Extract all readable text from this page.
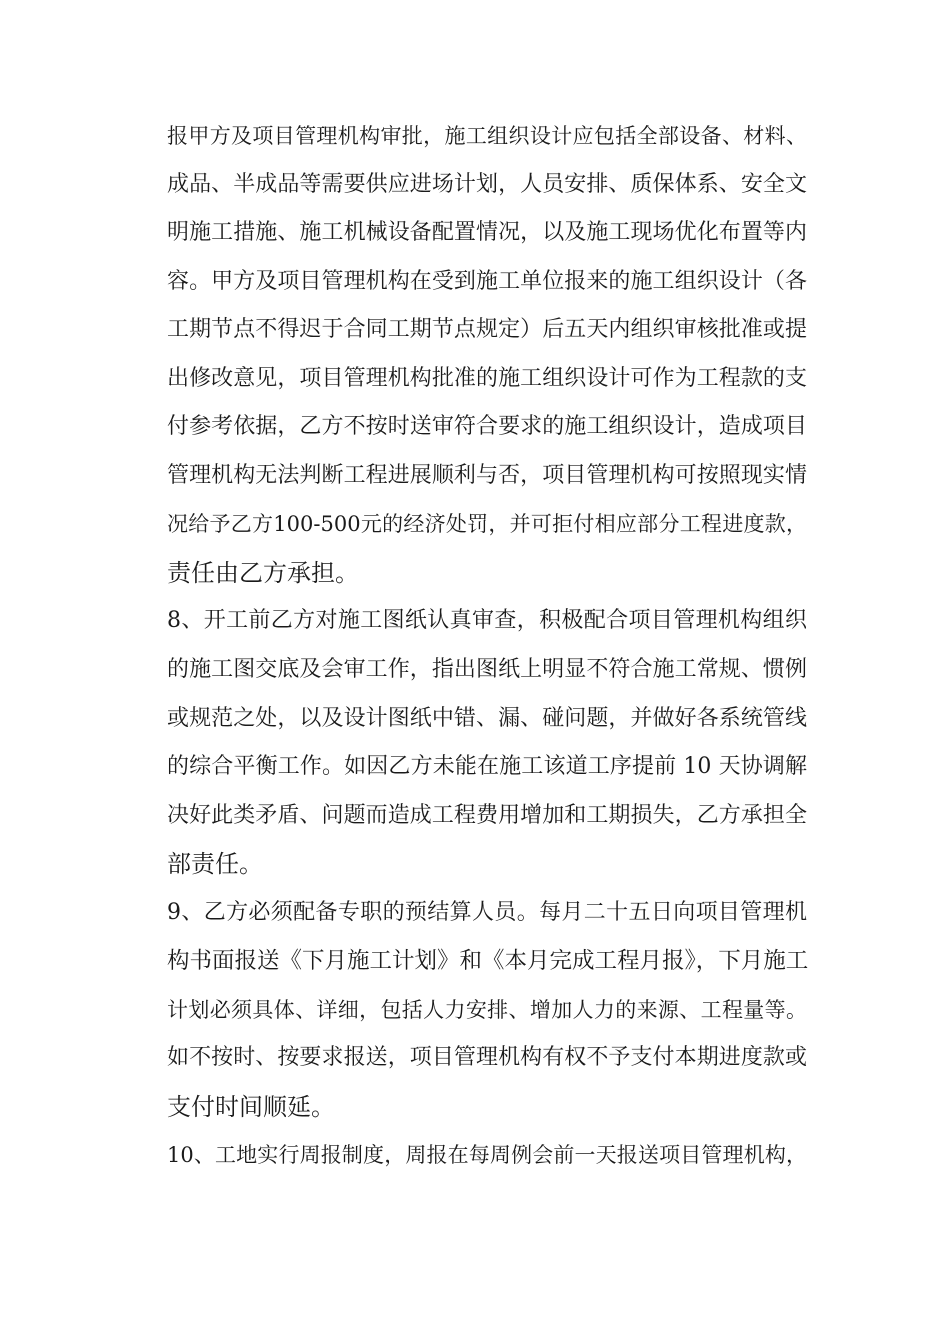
报甲方及项目管理机构审批，施工组织设计应包括全部设备、材料、
成品、半成品等需要供应进场计划，人员安排、质保体系、安全文
明施工措施、施工机械设备配置情况，以及施工现场优化布置等内
容。甲方及项目管理机构在受到施工单位报来的施工组织设计（各
工期节点不得迟于合同工期节点规定）后五天内组织审核批准或提
出修改意见，项目管理机构批准的施工组织设计可作为工程款的支
付参考依据，乙方不按时送审符合要求的施工组织设计，造成项目
管理机构无法判断工程进展顺利与否，项目管理机构可按照现实情
况给予乙方100-500元的经济处罚，并可拒付相应部分工程进度款，
责任由乙方承担。
8、开工前乙方对施工图纸认真审查，积极配合项目管理机构组织
的施工图交底及会审工作，指出图纸上明显不符合施工常规、惯例
或规范之处，以及设计图纸中错、漏、碰问题，并做好各系统管线
的综合平衡工作。如因乙方未能在施工该道工序提前 10 天协调解
决好此类矛盾、问题而造成工程费用增加和工期损失，乙方承担全
部责任。
9、乙方必须配备专职的预结算人员。每月二十五日向项目管理机
构书面报送《下月施工计划》和《本月完成工程月报》，下月施工
计划必须具体、详细，包括人力安排、增加人力的来源、工程量等。
如不按时、按要求报送，项目管理机构有权不予支付本期进度款或
支付时间顺延。
10、工地实行周报制度，周报在每周例会前一天报送项目管理机构，
